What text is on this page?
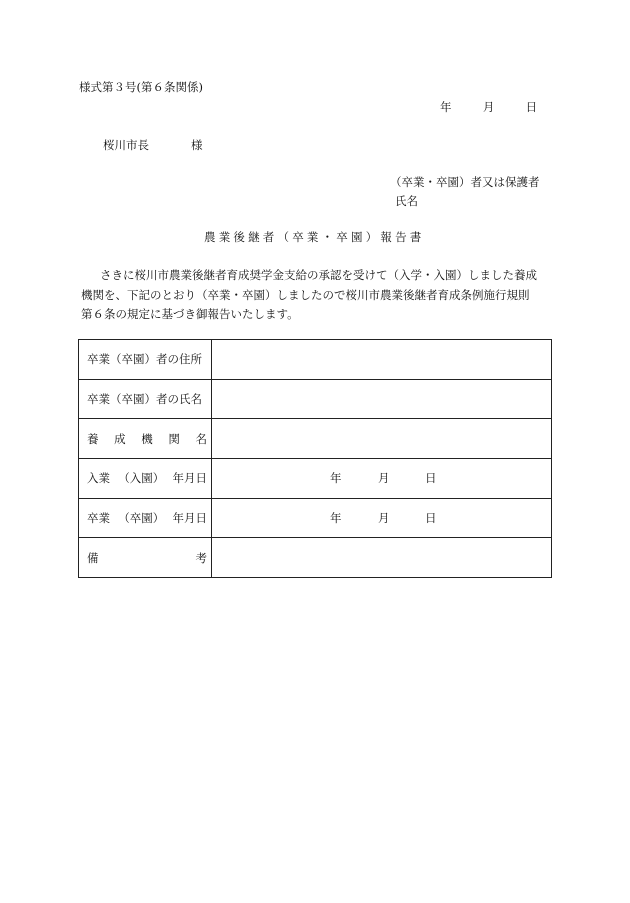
様式第３号(第６条関係)
年	月	日
桜川市長	様
（卒業・卒園）者又は保護者
氏名
農業後継者（卒業・卒園）報告書

さきに桜川市農業後継者育成奨学金支給の承認を受けて（入学・入園）しました養成

機関を、下記のとおり（卒業・卒園）しましたので桜川市農業後継者育成条例施行規則

第６条の規定に基づき御報告いたします。

卒業（卒園）者の住所	
卒業（卒園）者の氏名	

養 成 機 関 名	

入業 （入園） 年月日	年 月 日

卒業 （卒園） 年月日	年 月 日

備 考	
